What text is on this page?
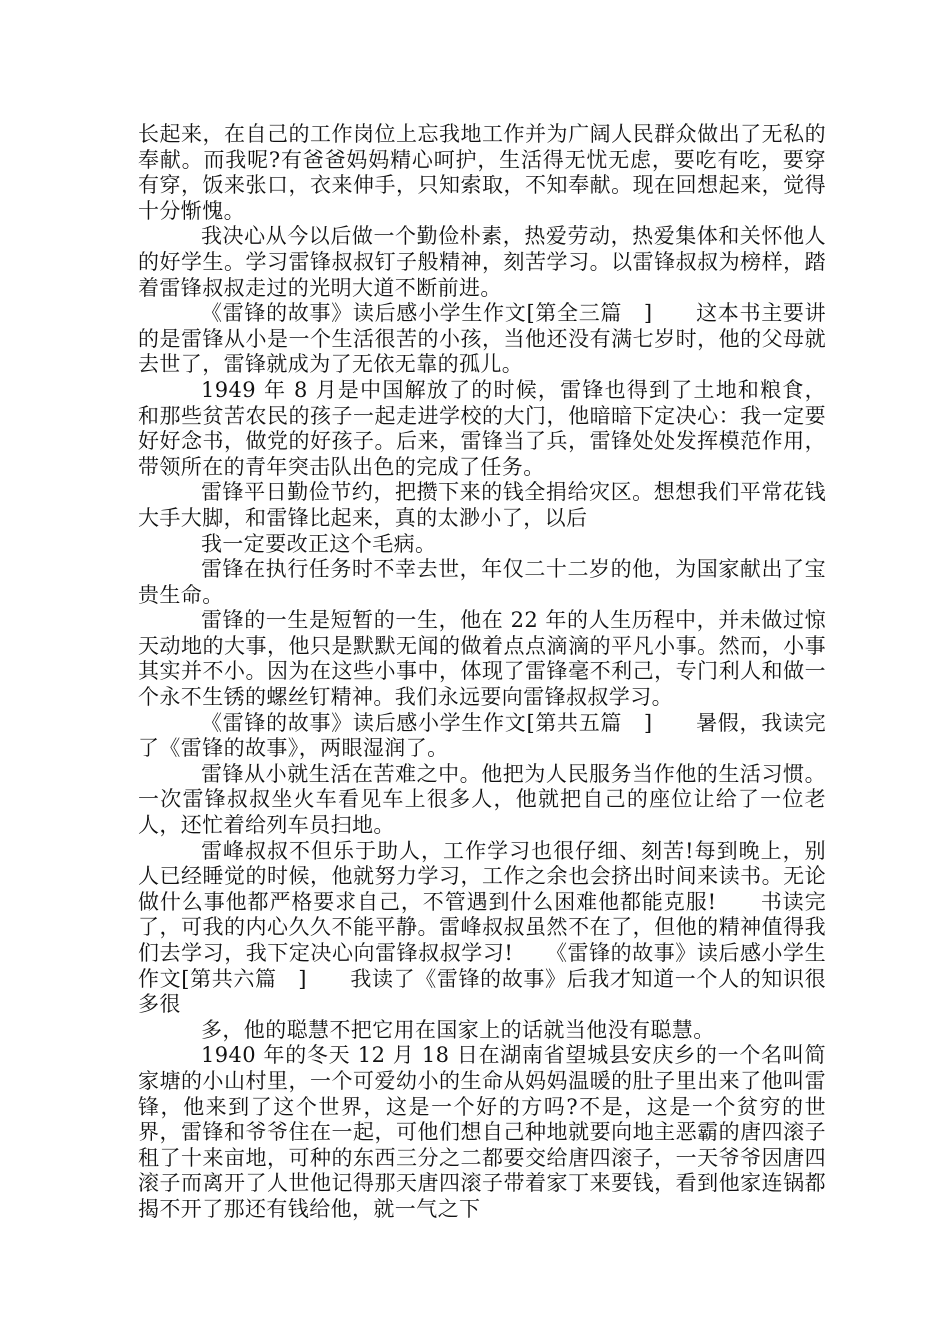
长起来，在自己的工作岗位上忘我地工作并为广阔人民群众做出了无私的奉献。而我呢?有爸爸妈妈精心呵护，生活得无忧无虑，要吃有吃，要穿有穿，饭来张口，衣来伸手，只知索取，不知奉献。现在回想起来，觉得十分惭愧。

我决心从今以后做一个勤俭朴素，热爱劳动，热爱集体和关怀他人的好学生。学习雷锋叔叔钉子般精神，刻苦学习。以雷锋叔叔为榜样，踏着雷锋叔叔走过的光明大道不断前进。

《雷锋的故事》读后感小学生作文[第全三篇　]　　这本书主要讲的是雷锋从小是一个生活很苦的小孩，当他还没有满七岁时，他的父母就去世了，雷锋就成为了无依无靠的孤儿。

1949 年 8 月是中国解放了的时候，雷锋也得到了土地和粮食，和那些贫苦农民的孩子一起走进学校的大门，他暗暗下定决心：我一定要好好念书，做党的好孩子。后来，雷锋当了兵，雷锋处处发挥模范作用，带领所在的青年突击队出色的完成了任务。

雷锋平日勤俭节约，把攒下来的钱全捐给灾区。想想我们平常花钱大手大脚，和雷锋比起来，真的太渺小了，以后

我一定要改正这个毛病。

雷锋在执行任务时不幸去世，年仅二十二岁的他，为国家献出了宝贵生命。

雷锋的一生是短暂的一生，他在 22 年的人生历程中，并未做过惊天动地的大事，他只是默默无闻的做着点点滴滴的平凡小事。然而，小事其实并不小。因为在这些小事中，体现了雷锋毫不利己，专门利人和做一个永不生锈的螺丝钉精神。我们永远要向雷锋叔叔学习。

《雷锋的故事》读后感小学生作文[第共五篇　]　　暑假，我读完了《雷锋的故事》，两眼湿润了。

雷锋从小就生活在苦难之中。他把为人民服务当作他的生活习惯。一次雷锋叔叔坐火车看见车上很多人，他就把自己的座位让给了一位老人，还忙着给列车员扫地。

雷峰叔叔不但乐于助人，工作学习也很仔细、刻苦!每到晚上，别人已经睡觉的时候，他就努力学习，工作之余也会挤出时间来读书。无论做什么事他都严格要求自己，不管遇到什么困难他都能克服!　　书读完了，可我的内心久久不能平静。雷峰叔叔虽然不在了，但他的精神值得我们去学习，我下定决心向雷锋叔叔学习!　　《雷锋的故事》读后感小学生作文[第共六篇　]　　我读了《雷锋的故事》后我才知道一个人的知识很多很

多，他的聪慧不把它用在国家上的话就当他没有聪慧。

1940 年的冬天 12 月 18 日在湖南省望城县安庆乡的一个名叫简家塘的小山村里，一个可爱幼小的生命从妈妈温暖的肚子里出来了他叫雷锋，他来到了这个世界，这是一个好的方吗?不是，这是一个贫穷的世界，雷锋和爷爷住在一起，可他们想自己种地就要向地主恶霸的唐四滚子租了十来亩地，可种的东西三分之二都要交给唐四滚子，一天爷爷因唐四滚子而离开了人世他记得那天唐四滚子带着家丁来要钱，看到他家连锅都揭不开了那还有钱给他，就一气之下
